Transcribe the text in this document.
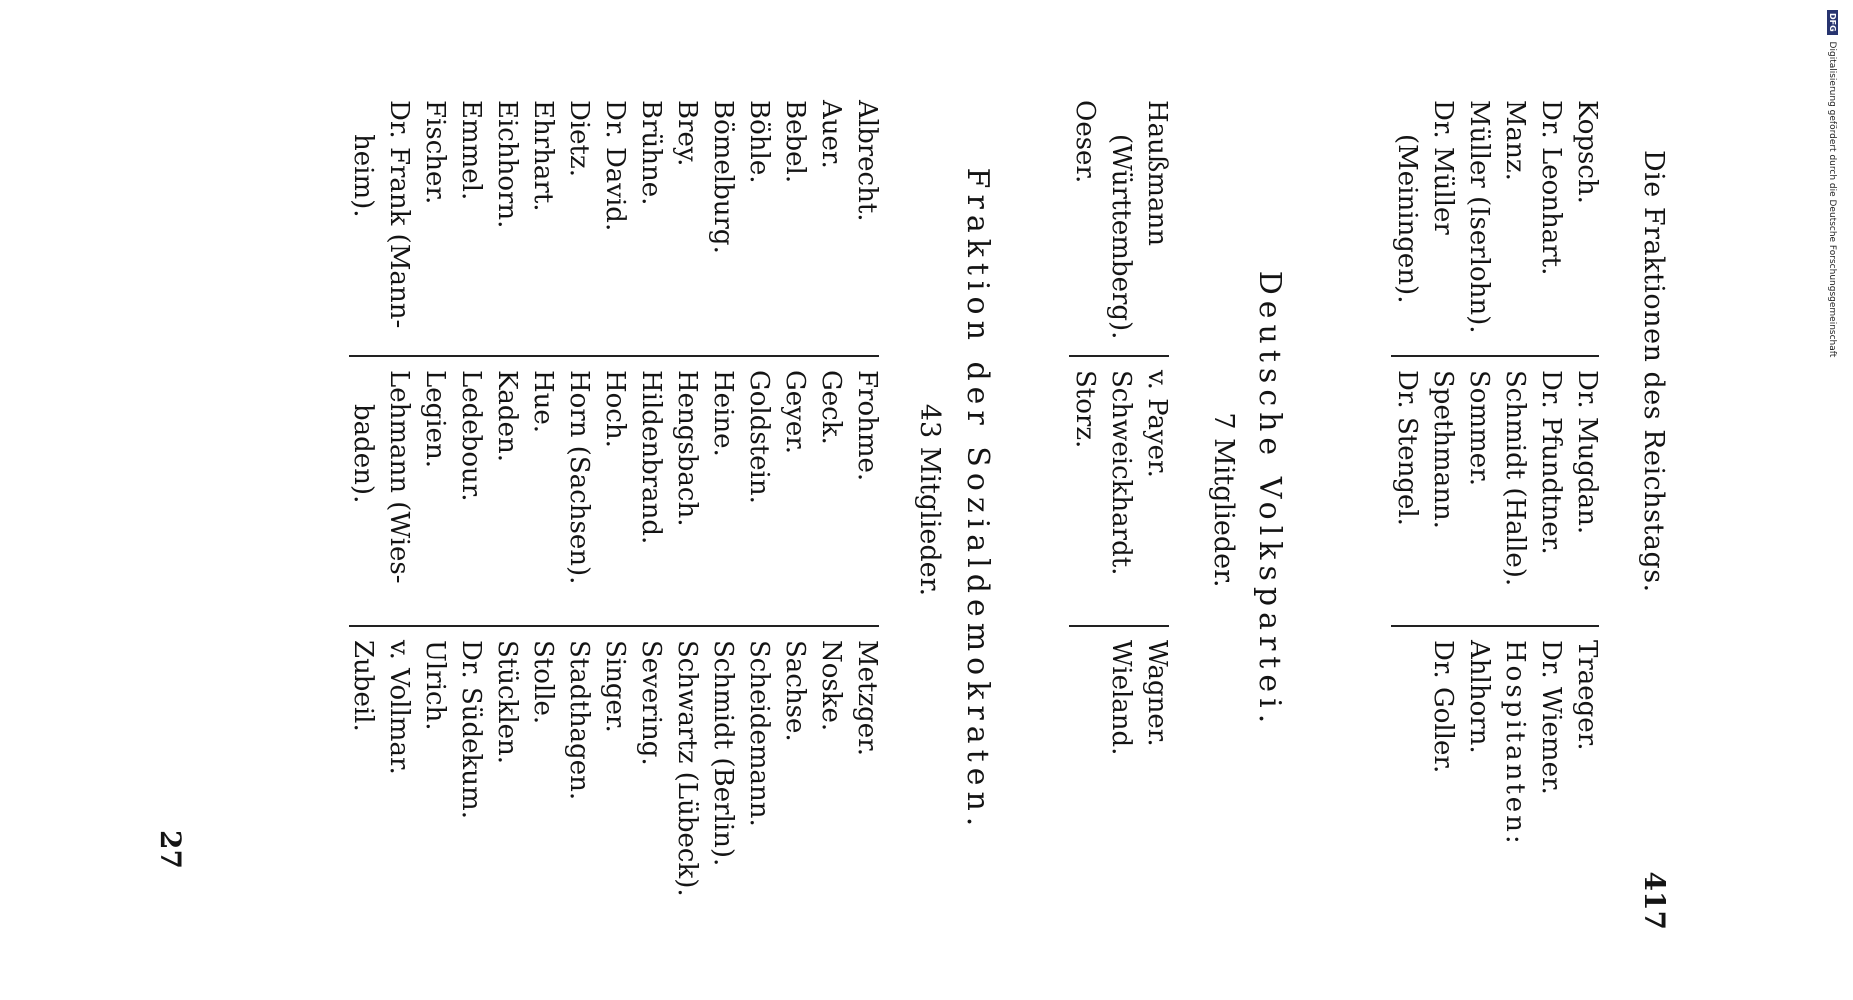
Die Fraktionen des Reichstags.
417
Kopsch.
Dr. Leonhart.
Manz.
Müller (Iserlohn).
Dr. Müller
(Meiningen).
Dr. Mugdan.
Dr. Pfundtner.
Schmidt (Halle).
Sommer.
Spethmann.
Dr. Stengel.
Traeger.
Dr. Wiemer.
Hospitanten:
Ahlhorn.
Dr. Goller.
Deutsche Volkspartei.
7 Mitglieder.
Haußmann
(Württemberg).
Oeser.
v. Payer.
Schweickhardt.
Storz.
Wagner.
Wieland.
Fraktion der Sozialdemokraten.
43 Mitglieder.
Albrecht.
Auer.
Bebel.
Böhle.
Bömelburg.
Brey.
Brühne.
Dr. David.
Dietz.
Ehrhart.
Eichhorn.
Emmel.
Fischer.
Dr. Frank (Mann-
heim).
Frohme.
Geck.
Geyer.
Goldstein.
Heine.
Hengsbach.
Hildenbrand.
Hoch.
Horn (Sachsen).
Hue.
Kaden.
Ledebour.
Legien.
Lehmann (Wies-
baden).
Metzger.
Noske.
Sachse.
Scheidemann.
Schmidt (Berlin).
Schwartz (Lübeck).
Severing.
Singer.
Stadthagen.
Stolle.
Stücklen.
Dr. Südekum.
Ulrich.
v. Vollmar.
Zubeil.
27
DFG Digitalisierung gefördert durch die Deutsche Forschungsgemeinschaft
